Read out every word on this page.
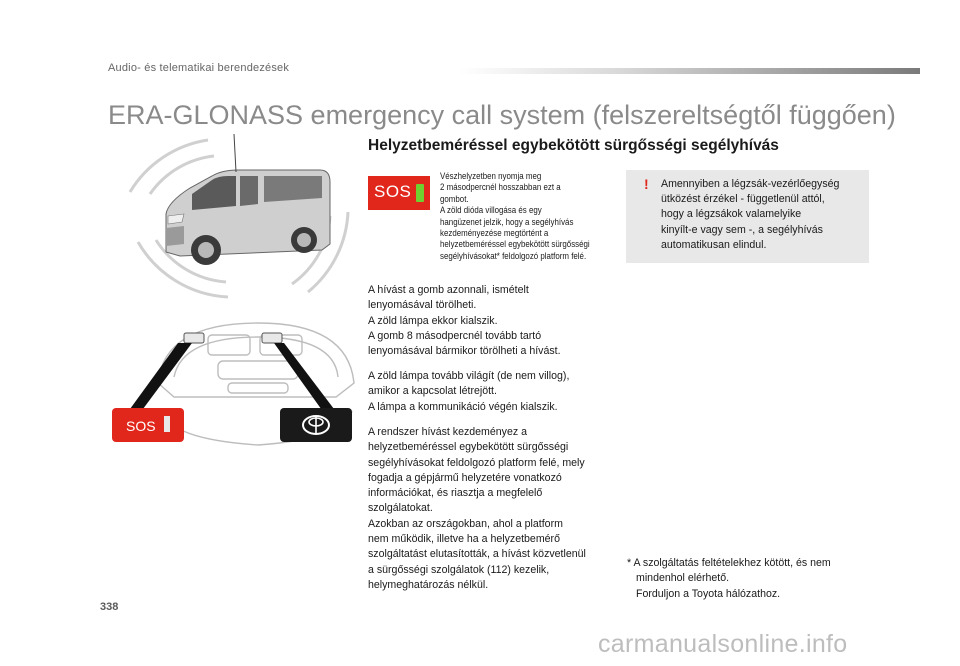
Audio- és telematikai berendezések
ERA-GLONASS emergency call system (felszereltségtől függően)
SOS
Helyzetbeméréssel egybekötött sürgősségi segélyhívás
SOS
Vészhelyzetben nyomja meg
2 másodpercnél hosszabban ezt a
gombot.
A zöld dióda villogása és egy
hangüzenet jelzik, hogy a segélyhívás
kezdeményezése megtörtént a
helyzetbeméréssel egybekötött sürgősségi
segélyhívásokat* feldolgozó platform felé.
! Amennyiben a légzsák-vezérlőegység
ütközést érzékel - függetlenül attól,
hogy a légzsákok valamelyike
kinyílt-e vagy sem -, a segélyhívás
automatikusan elindul.
A hívást a gomb azonnali, ismételt
lenyomásával törölheti.
A zöld lámpa ekkor kialszik.
A gomb 8 másodpercnél tovább tartó
lenyomásával bármikor törölheti a hívást.
A zöld lámpa tovább világít (de nem villog),
amikor a kapcsolat létrejött.
A lámpa a kommunikáció végén kialszik.
A rendszer hívást kezdeményez a
helyzetbeméréssel egybekötött sürgősségi
segélyhívásokat feldolgozó platform felé, mely
fogadja a gépjármű helyzetére vonatkozó
információkat, és riasztja a megfelelő
szolgálatokat.
Azokban az országokban, ahol a platform
nem működik, illetve ha a helyzetbemérő
szolgáltatást elutasították, a hívást közvetlenül
a sürgősségi szolgálatok (112) kezelik,
helymeghatározás nélkül.
* A szolgáltatás feltételekhez kötött, és nem
mindenhol elérhető.
Forduljon a Toyota hálózathoz.
338
carmanualsonline.info
